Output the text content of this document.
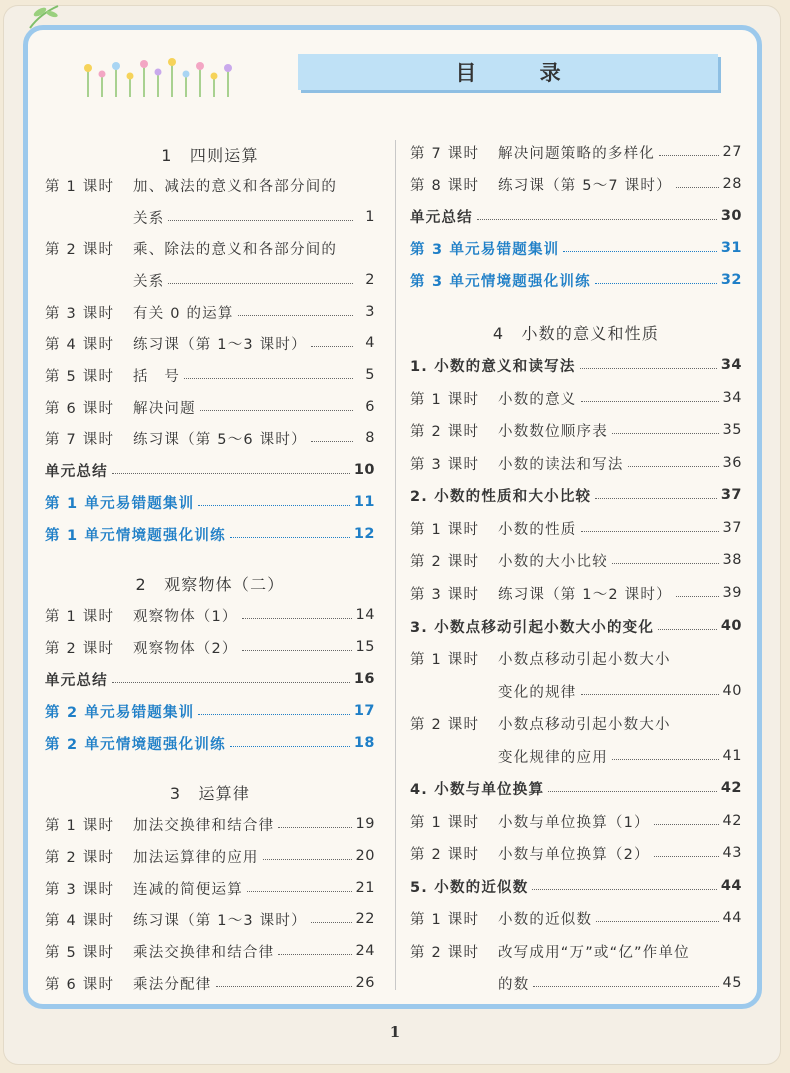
目 录
1　四则运算
第 1 课时	加、减法的意义和各部分间的
关系	1
第 2 课时	乘、除法的意义和各部分间的
关系	2
第 3 课时	有关 0 的运算	3
第 4 课时	练习课（第 1～3 课时）	4
第 5 课时	括　号	5
第 6 课时	解决问题	6
第 7 课时	练习课（第 5～6 课时）	8
单元总结	10
第 1 单元易错题集训	11
第 1 单元情境题强化训练	12
2　观察物体（二）
第 1 课时	观察物体（1）	14
第 2 课时	观察物体（2）	15
单元总结	16
第 2 单元易错题集训	17
第 2 单元情境题强化训练	18
3　运算律
第 1 课时	加法交换律和结合律	19
第 2 课时	加法运算律的应用	20
第 3 课时	连减的简便运算	21
第 4 课时	练习课（第 1～3 课时）	22
第 5 课时	乘法交换律和结合律	24
第 6 课时	乘法分配律	26
第 7 课时	解决问题策略的多样化	27
第 8 课时	练习课（第 5～7 课时）	28
单元总结	30
第 3 单元易错题集训	31
第 3 单元情境题强化训练	32
4　小数的意义和性质
1. 小数的意义和读写法	34
第 1 课时	小数的意义	34
第 2 课时	小数数位顺序表	35
第 3 课时	小数的读法和写法	36
2. 小数的性质和大小比较	37
第 1 课时	小数的性质	37
第 2 课时	小数的大小比较	38
第 3 课时	练习课（第 1～2 课时）	39
3. 小数点移动引起小数大小的变化	40
第 1 课时	小数点移动引起小数大小
变化的规律	40
第 2 课时	小数点移动引起小数大小
变化规律的应用	41
4. 小数与单位换算	42
第 1 课时	小数与单位换算（1）	42
第 2 课时	小数与单位换算（2）	43
5. 小数的近似数	44
第 1 课时	小数的近似数	44
第 2 课时	改写成用“万”或“亿”作单位
的数	45
1
